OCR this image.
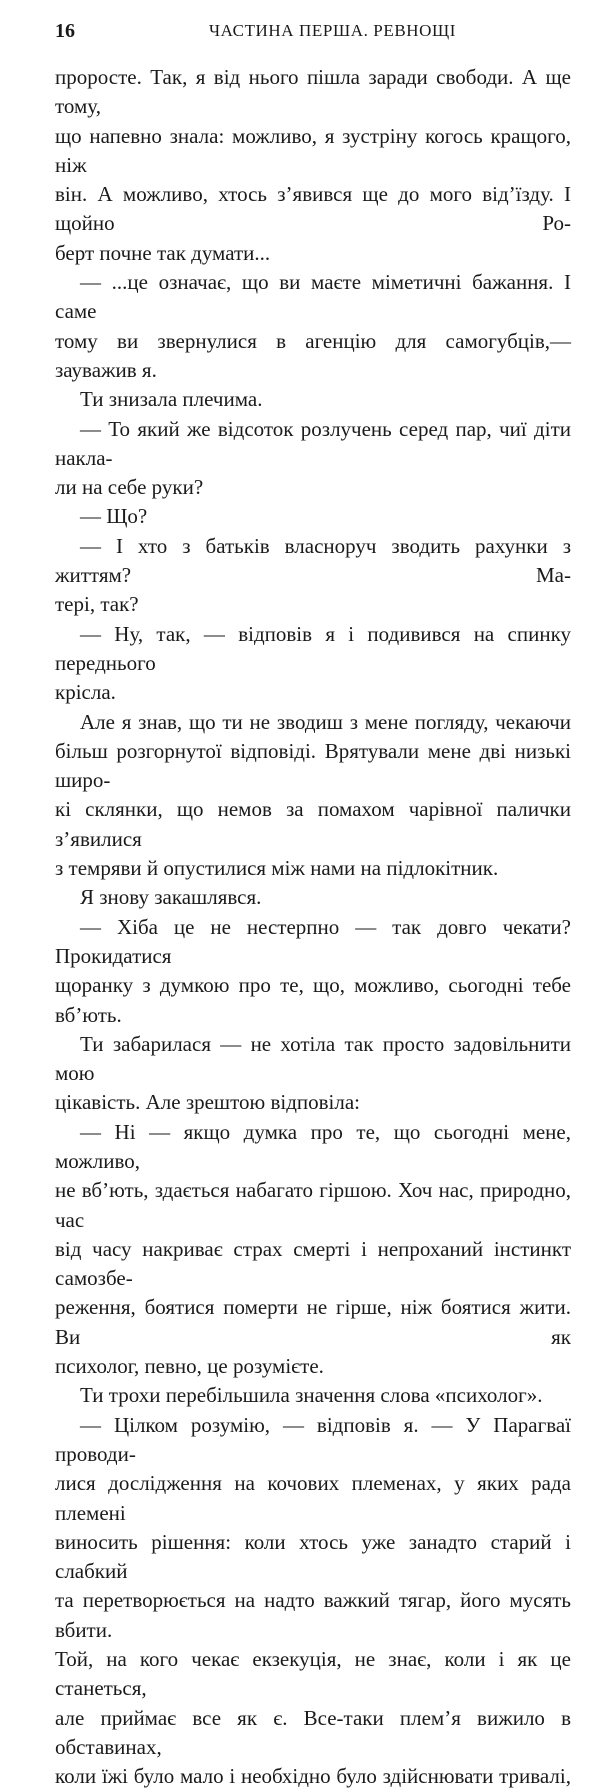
16	ЧАСТИНА ПЕРША. РЕВНОЩІ

проросте. Так, я від нього пішла заради свободи. А ще тому,

що напевно знала: можливо, я зустріну когось кращого, ніж

він. А можливо, хтось з’явився ще до мого від’їзду. І щойно Ро-

берт почне так думати...

— ...це означає, що ви маєте міметичні бажання. І саме

тому ви звернулися в агенцію для самогубців,— зауважив я.

Ти знизала плечима.

— То який же відсоток розлучень серед пар, чиї діти накла-

ли на себе руки?

— Що?

— І хто з батьків власноруч зводить рахунки з життям? Ма-

тері, так?

— Ну, так, — відповів я і подивився на спинку переднього

крісла.

Але я знав, що ти не зводиш з мене погляду, чекаючи

більш розгорнутої відповіді. Врятували мене дві низькі широ-

кі склянки, що немов за помахом чарівної палички з’явилися

з темряви й опустилися між нами на підлокітник.

Я знову закашлявся.

— Хіба це не нестерпно — так довго чекати? Прокидатися

щоранку з думкою про те, що, можливо, сьогодні тебе вб’ють.

Ти забарилася — не хотіла так просто задовільнити мою

цікавість. Але зрештою відповіла:

— Ні — якщо думка про те, що сьогодні мене, можливо,

не вб’ють, здається набагато гіршою. Хоч нас, природно, час

від часу накриває страх смерті і непроханий інстинкт самозбе-

реження, боятися померти не гірше, ніж боятися жити. Ви як

психолог, певно, це розумієте.

Ти трохи перебільшила значення слова «психолог».

— Цілком розумію, — відповів я. — У Парагваї проводи-

лися дослідження на кочових племенах, у яких рада племені

виносить рішення: коли хтось уже занадто старий і слабкий

та перетворюється на надто важкий тягар, його мусять вбити.

Той, на кого чекає екзекуція, не знає, коли і як це станеться,

але приймає все як є. Все-таки плем’я вижило в обставинах,

коли їжі було мало і необхідно було здійснювати тривалі,
